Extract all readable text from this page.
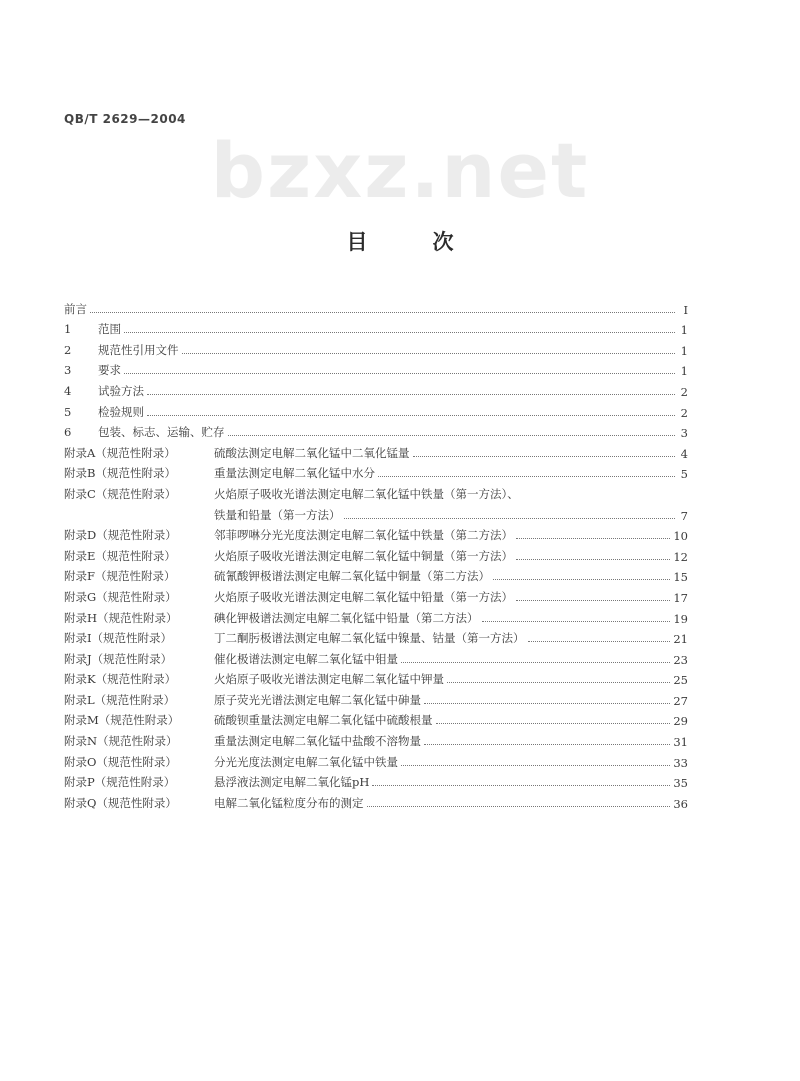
QB/T 2629—2004
bzxz.net
目　次
前言	I
1 范围	1
2 规范性引用文件	1
3 要求	1
4 试验方法	2
5 检验规则	2
6 包装、标志、运输、贮存	3
附录A（规范性附录）	硫酸法测定电解二氧化锰中二氧化锰量	4
附录B（规范性附录）	重量法测定电解二氧化锰中水分	5
附录C（规范性附录）	火焰原子吸收光谱法测定电解二氧化锰中铁量（第一方法）、
铁量和铅量（第一方法）	7
附录D（规范性附录）	邻菲啰啉分光光度法测定电解二氧化锰中铁量（第二方法）	10
附录E（规范性附录）	火焰原子吸收光谱法测定电解二氧化锰中铜量（第一方法）	12
附录F（规范性附录）	硫氰酸钾极谱法测定电解二氧化锰中铜量（第二方法）	15
附录G（规范性附录）	火焰原子吸收光谱法测定电解二氧化锰中铅量（第一方法）	17
附录H（规范性附录）	碘化钾极谱法测定电解二氧化锰中铅量（第二方法）	19
附录I（规范性附录）	丁二酮肟极谱法测定电解二氧化锰中镍量、钴量（第一方法）	21
附录J（规范性附录）	催化极谱法测定电解二氧化锰中钼量	23
附录K（规范性附录）	火焰原子吸收光谱法测定电解二氧化锰中钾量	25
附录L（规范性附录）	原子荧光光谱法测定电解二氧化锰中砷量	27
附录M（规范性附录）	硫酸钡重量法测定电解二氧化锰中硫酸根量	29
附录N（规范性附录）	重量法测定电解二氧化锰中盐酸不溶物量	31
附录O（规范性附录）	分光光度法测定电解二氧化锰中铁量	33
附录P（规范性附录）	悬浮液法测定电解二氧化锰pH	35
附录Q（规范性附录）	电解二氧化锰粒度分布的测定	36
